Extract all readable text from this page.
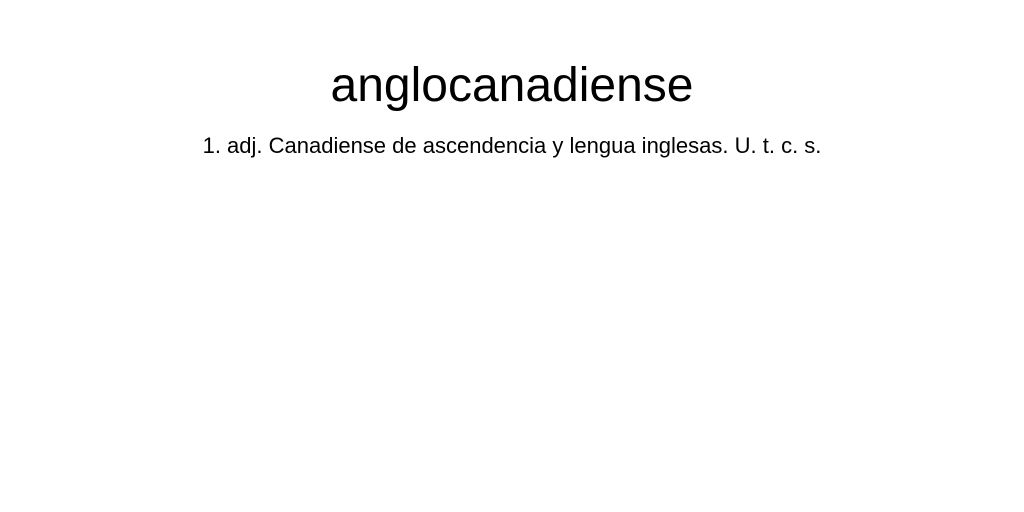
anglocanadiense

1. adj. Canadiense de ascendencia y lengua inglesas. U. t. c. s.
